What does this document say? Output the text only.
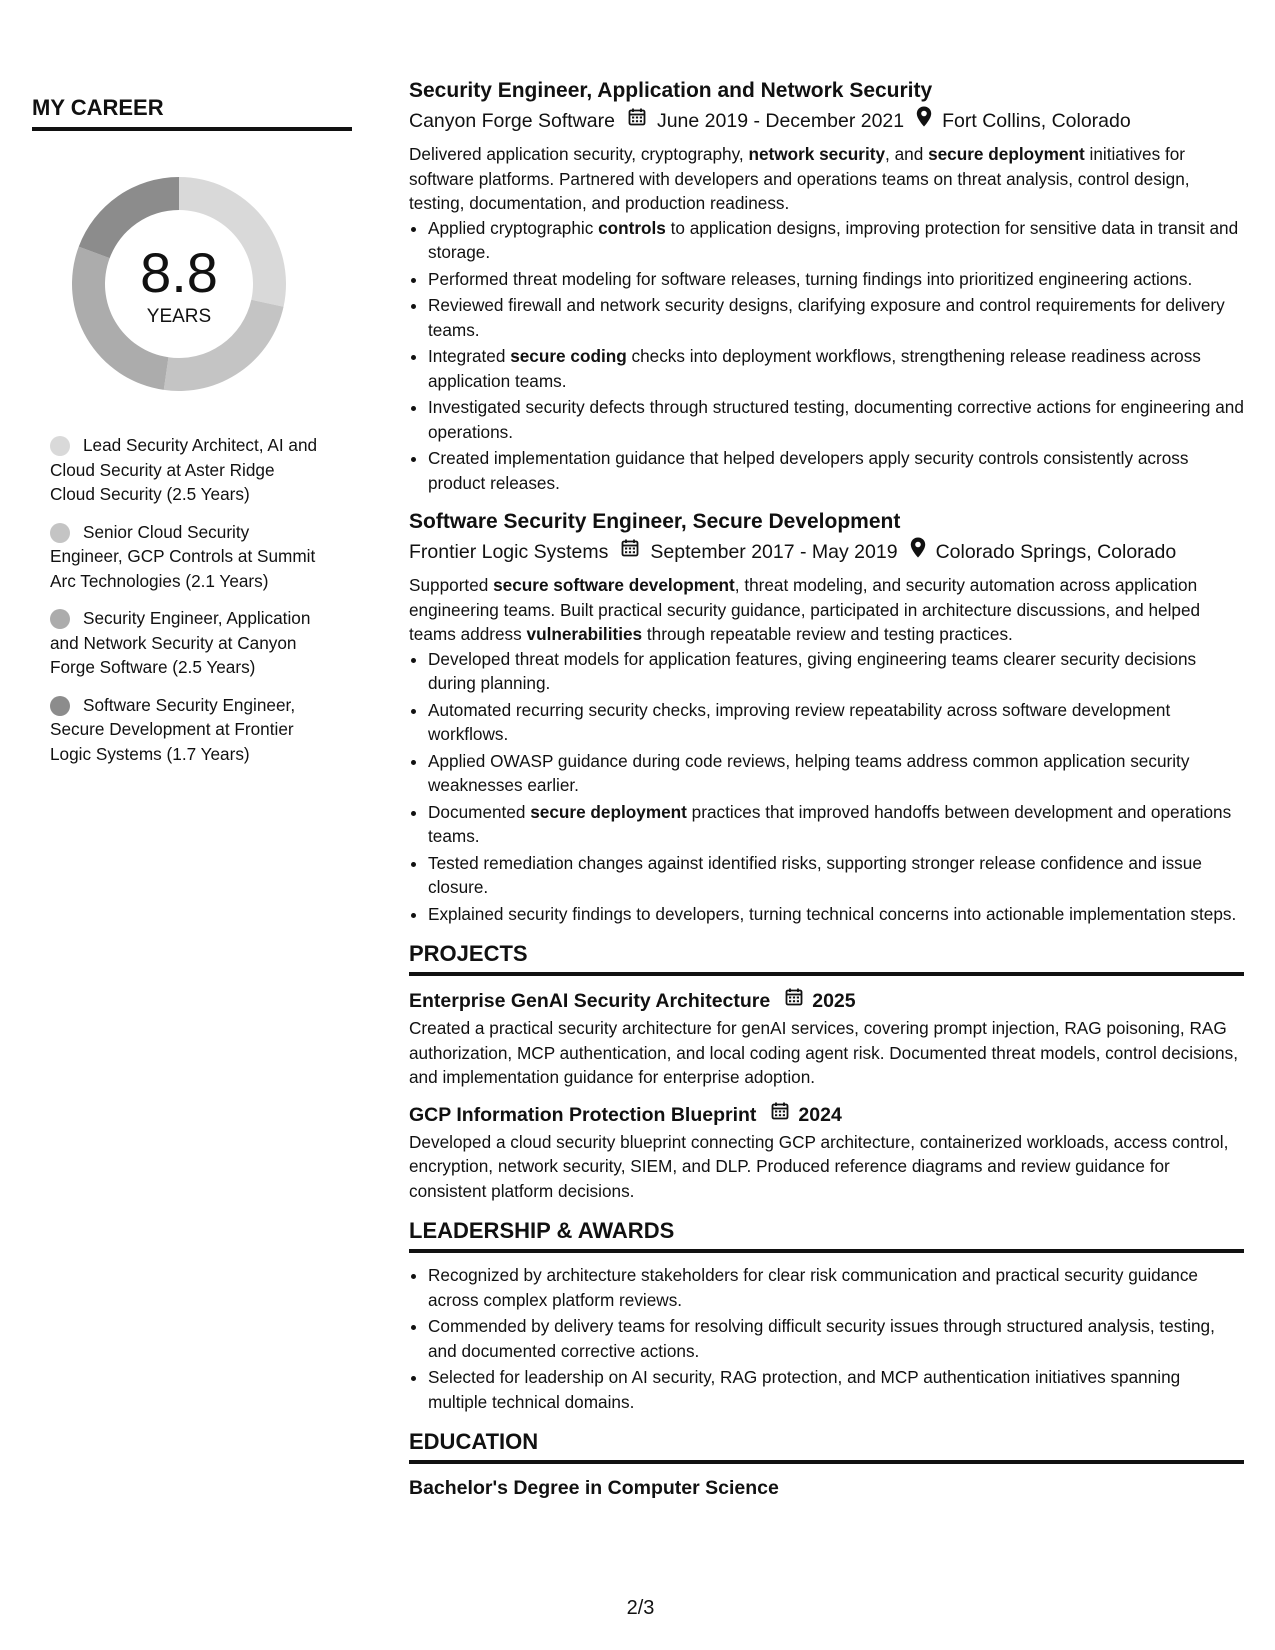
MY CAREER
8.8
YEARS
Lead Security Architect, AI and Cloud Security at Aster Ridge Cloud Security (2.5 Years)
Senior Cloud Security Engineer, GCP Controls at Summit Arc Technologies (2.1 Years)
Security Engineer, Application and Network Security at Canyon Forge Software (2.5 Years)
Software Security Engineer, Secure Development at Frontier Logic Systems (1.7 Years)
Security Engineer, Application and Network Security
Canyon Forge Software June 2019 - December 2021 Fort Collins, Colorado

Delivered application security, cryptography, network security, and secure deployment initiatives for software platforms. Partnered with developers and operations teams on threat analysis, control design, testing, documentation, and production readiness.

• Applied cryptographic controls to application designs, improving protection for sensitive data in transit and storage.
• Performed threat modeling for software releases, turning findings into prioritized engineering actions.
• Reviewed firewall and network security designs, clarifying exposure and control requirements for delivery teams.
• Integrated secure coding checks into deployment workflows, strengthening release readiness across application teams.
• Investigated security defects through structured testing, documenting corrective actions for engineering and operations.
• Created implementation guidance that helped developers apply security controls consistently across product releases.
Software Security Engineer, Secure Development
Frontier Logic Systems September 2017 - May 2019 Colorado Springs, Colorado

Supported secure software development, threat modeling, and security automation across application engineering teams. Built practical security guidance, participated in architecture discussions, and helped teams address vulnerabilities through repeatable review and testing practices.

• Developed threat models for application features, giving engineering teams clearer security decisions during planning.
• Automated recurring security checks, improving review repeatability across software development workflows.
• Applied OWASP guidance during code reviews, helping teams address common application security weaknesses earlier.
• Documented secure deployment practices that improved handoffs between development and operations teams.
• Tested remediation changes against identified risks, supporting stronger release confidence and issue closure.
• Explained security findings to developers, turning technical concerns into actionable implementation steps.
PROJECTS
Enterprise GenAI Security Architecture 2025

Created a practical security architecture for genAI services, covering prompt injection, RAG poisoning, RAG authorization, MCP authentication, and local coding agent risk. Documented threat models, control decisions, and implementation guidance for enterprise adoption.

GCP Information Protection Blueprint 2024

Developed a cloud security blueprint connecting GCP architecture, containerized workloads, access control, encryption, network security, SIEM, and DLP. Produced reference diagrams and review guidance for consistent platform decisions.

LEADERSHIP & AWARDS
• Recognized by architecture stakeholders for clear risk communication and practical security guidance across complex platform reviews.
• Commended by delivery teams for resolving difficult security issues through structured analysis, testing, and documented corrective actions.
• Selected for leadership on AI security, RAG protection, and MCP authentication initiatives spanning multiple technical domains.
EDUCATION
Bachelor's Degree in Computer Science
2/3
